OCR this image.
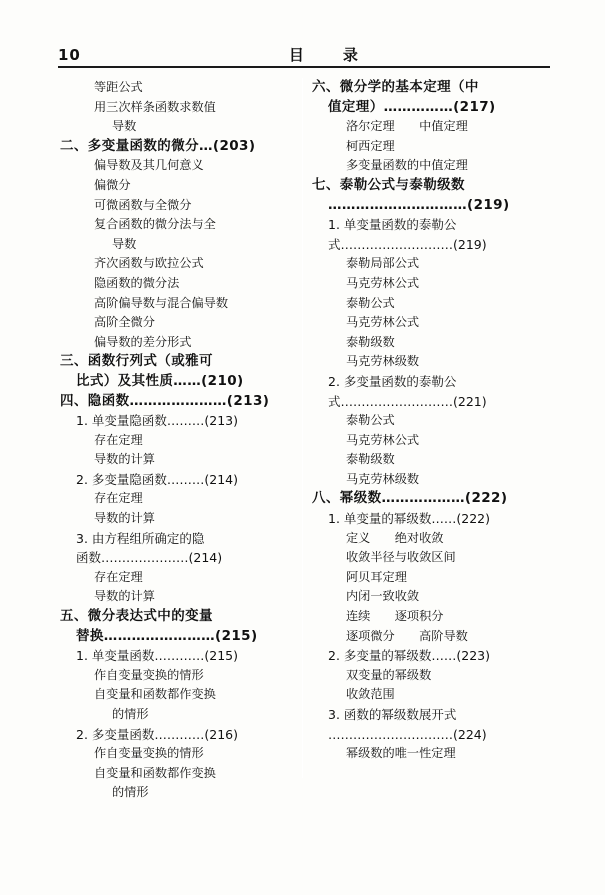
10	目　录
等距公式
用三次样条函数求数值
导数
二、多变量函数的微分…(203)
偏导数及其几何意义
偏微分
可微函数与全微分
复合函数的微分法与全
导数
齐次函数与欧拉公式
隐函数的微分法
高阶偏导数与混合偏导数
高阶全微分
偏导数的差分形式
三、函数行列式（或雅可
比式）及其性质……(210)
四、隐函数…………………(213)
1. 单变量隐函数………(213)
存在定理
导数的计算
2. 多变量隐函数………(214)
存在定理
导数的计算
3. 由方程组所确定的隐
函数…………………(214)
存在定理
导数的计算
五、微分表达式中的变量
替换……………………(215)
1. 单变量函数…………(215)
作自变量变换的情形
自变量和函数都作变换
的情形
2. 多变量函数…………(216)
作自变量变换的情形
自变量和函数都作变换
的情形
六、微分学的基本定理（中
值定理）……………(217)
洛尔定理　　中值定理
柯西定理
多变量函数的中值定理
七、泰勒公式与泰勒级数
…………………………(219)
1. 单变量函数的泰勒公
式………………………(219)
泰勒局部公式
马克劳林公式
泰勒公式
马克劳林公式
泰勒级数
马克劳林级数
2. 多变量函数的泰勒公
式………………………(221)
泰勒公式
马克劳林公式
泰勒级数
马克劳林级数
八、幂级数………………(222)
1. 单变量的幂级数……(222)
定义　　绝对收敛
收敛半径与收敛区间
阿贝耳定理
内闭一致收敛
连续　　逐项积分
逐项微分　　高阶导数
2. 多变量的幂级数……(223)
双变量的幂级数
收敛范围
3. 函数的幂级数展开式
…………………………(224)
幂级数的唯一性定理
